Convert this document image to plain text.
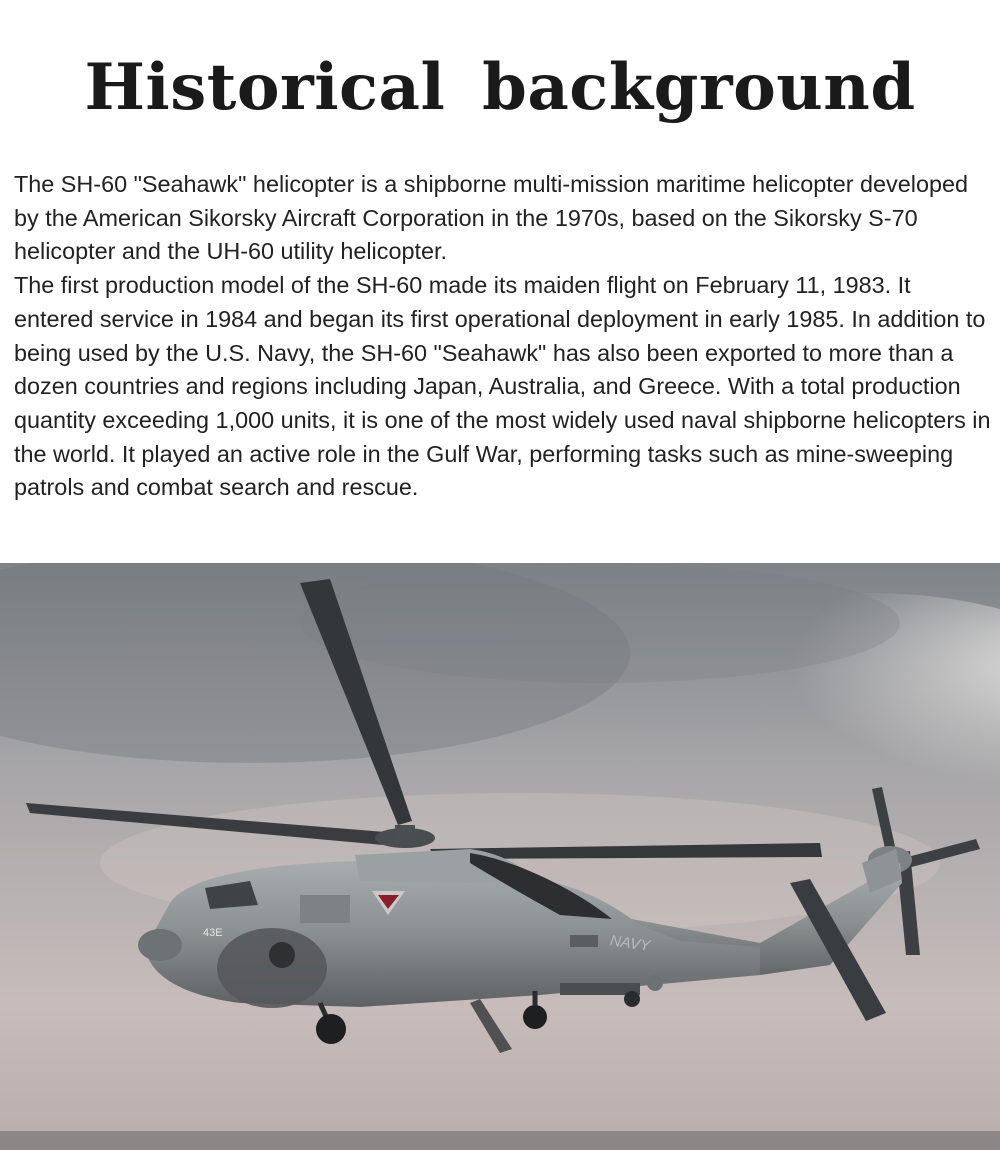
Historical background

The SH-60 "Seahawk" helicopter is a shipborne multi-mission maritime helicopter developed by the American Sikorsky Aircraft Corporation in the 1970s, based on the Sikorsky S-70 helicopter and the UH-60 utility helicopter.

The first production model of the SH-60 made its maiden flight on February 11, 1983. It entered service in 1984 and began its first operational deployment in early 1985. In addition to being used by the U.S. Navy, the SH-60 "Seahawk" has also been exported to more than a dozen countries and regions including Japan, Australia, and Greece. With a total production quantity exceeding 1,000 units, it is one of the most widely used naval shipborne helicopters in the world. It played an active role in the Gulf War, performing tasks such as mine-sweeping patrols and combat search and rescue.

43E	NAVY
